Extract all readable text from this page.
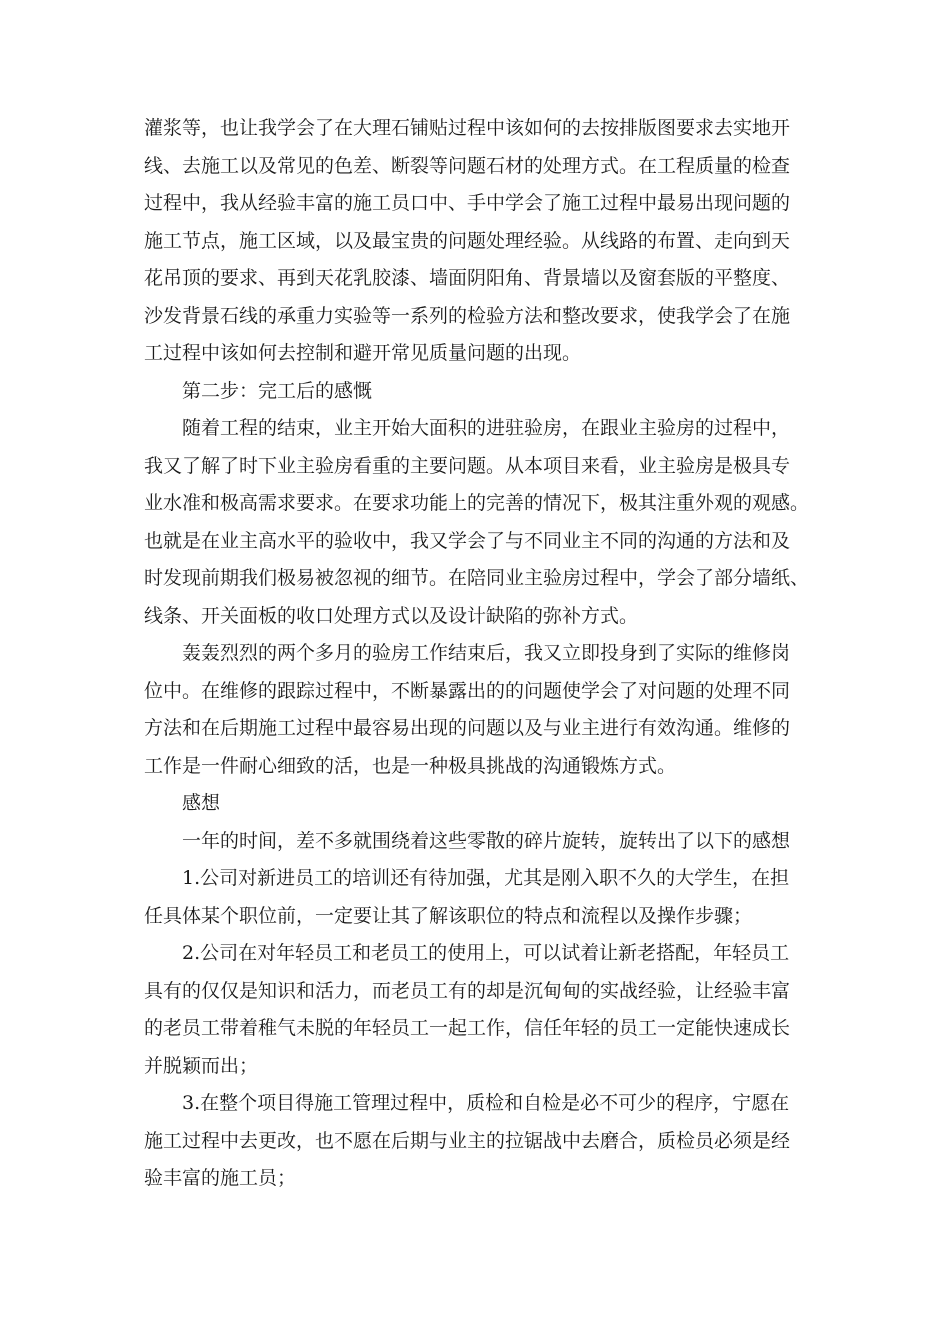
灌浆等，也让我学会了在大理石铺贴过程中该如何的去按排版图要求去实地开
线、去施工以及常见的色差、断裂等问题石材的处理方式。在工程质量的检查
过程中，我从经验丰富的施工员口中、手中学会了施工过程中最易出现问题的
施工节点，施工区域，以及最宝贵的问题处理经验。从线路的布置、走向到天
花吊顶的要求、再到天花乳胶漆、墙面阴阳角、背景墙以及窗套版的平整度、
沙发背景石线的承重力实验等一系列的检验方法和整改要求，使我学会了在施
工过程中该如何去控制和避开常见质量问题的出现。
第二步：完工后的感慨
随着工程的结束，业主开始大面积的进驻验房，在跟业主验房的过程中，
我又了解了时下业主验房看重的主要问题。从本项目来看，业主验房是极具专
业水准和极高需求要求。在要求功能上的完善的情况下，极其注重外观的观感。
也就是在业主高水平的验收中，我又学会了与不同业主不同的沟通的方法和及
时发现前期我们极易被忽视的细节。在陪同业主验房过程中，学会了部分墙纸、
线条、开关面板的收口处理方式以及设计缺陷的弥补方式。
轰轰烈烈的两个多月的验房工作结束后，我又立即投身到了实际的维修岗
位中。在维修的跟踪过程中，不断暴露出的的问题使学会了对问题的处理不同
方法和在后期施工过程中最容易出现的问题以及与业主进行有效沟通。维修的
工作是一件耐心细致的活，也是一种极具挑战的沟通锻炼方式。
感想
一年的时间，差不多就围绕着这些零散的碎片旋转，旋转出了以下的感想
1.公司对新进员工的培训还有待加强，尤其是刚入职不久的大学生，在担
任具体某个职位前，一定要让其了解该职位的特点和流程以及操作步骤；
2.公司在对年轻员工和老员工的使用上，可以试着让新老搭配，年轻员工
具有的仅仅是知识和活力，而老员工有的却是沉甸甸的实战经验，让经验丰富
的老员工带着稚气未脱的年轻员工一起工作，信任年轻的员工一定能快速成长
并脱颖而出；
3.在整个项目得施工管理过程中，质检和自检是必不可少的程序，宁愿在
施工过程中去更改，也不愿在后期与业主的拉锯战中去磨合，质检员必须是经
验丰富的施工员；
